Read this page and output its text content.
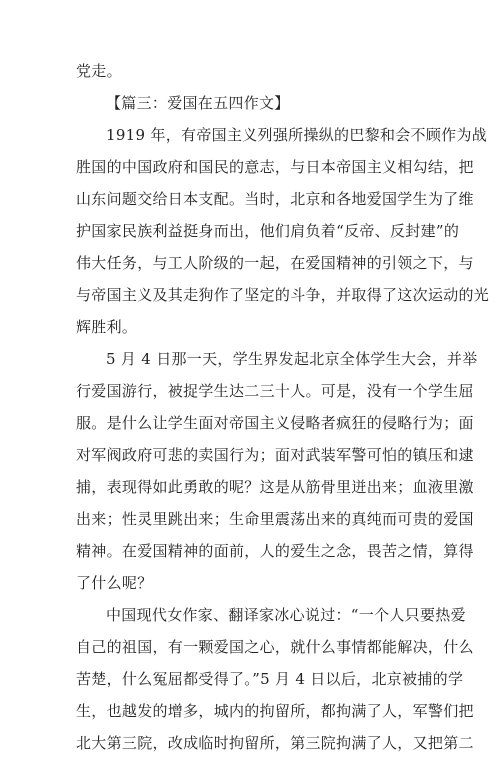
党走。

【篇三：爱国在五四作文】

1919 年，有帝国主义列强所操纵的巴黎和会不顾作为战
胜国的中国政府和国民的意志，与日本帝国主义相勾结，把
山东问题交给日本支配。当时，北京和各地爱国学生为了维
护国家民族利益挺身而出，他们肩负着“反帝、反封建”的
伟大任务，与工人阶级的一起，在爱国精神的引领之下，与
与帝国主义及其走狗作了坚定的斗争，并取得了这次运动的光
辉胜利。

5 月 4 日那一天，学生界发起北京全体学生大会，并举
行爱国游行，被捉学生达二三十人。可是，没有一个学生屈
服。是什么让学生面对帝国主义侵略者疯狂的侵略行为；面
对军阀政府可悲的卖国行为；面对武装军警可怕的镇压和逮
捕，表现得如此勇敢的呢？这是从筋骨里迸出来；血液里激
出来；性灵里跳出来；生命里震荡出来的真纯而可贵的爱国
精神。在爱国精神的面前，人的爱生之念，畏苦之情，算得
了什么呢？

中国现代女作家、翻译家冰心说过：“一个人只要热爱
自己的祖国，有一颗爱国之心，就什么事情都能解决，什么
苦楚，什么冤屈都受得了。”5 月 4 日以后，北京被捕的学
生，也越发的增多，城内的拘留所，都拘满了人，军警们把
北大第三院，改成临时拘留所，第三院拘满了人，又把第二
